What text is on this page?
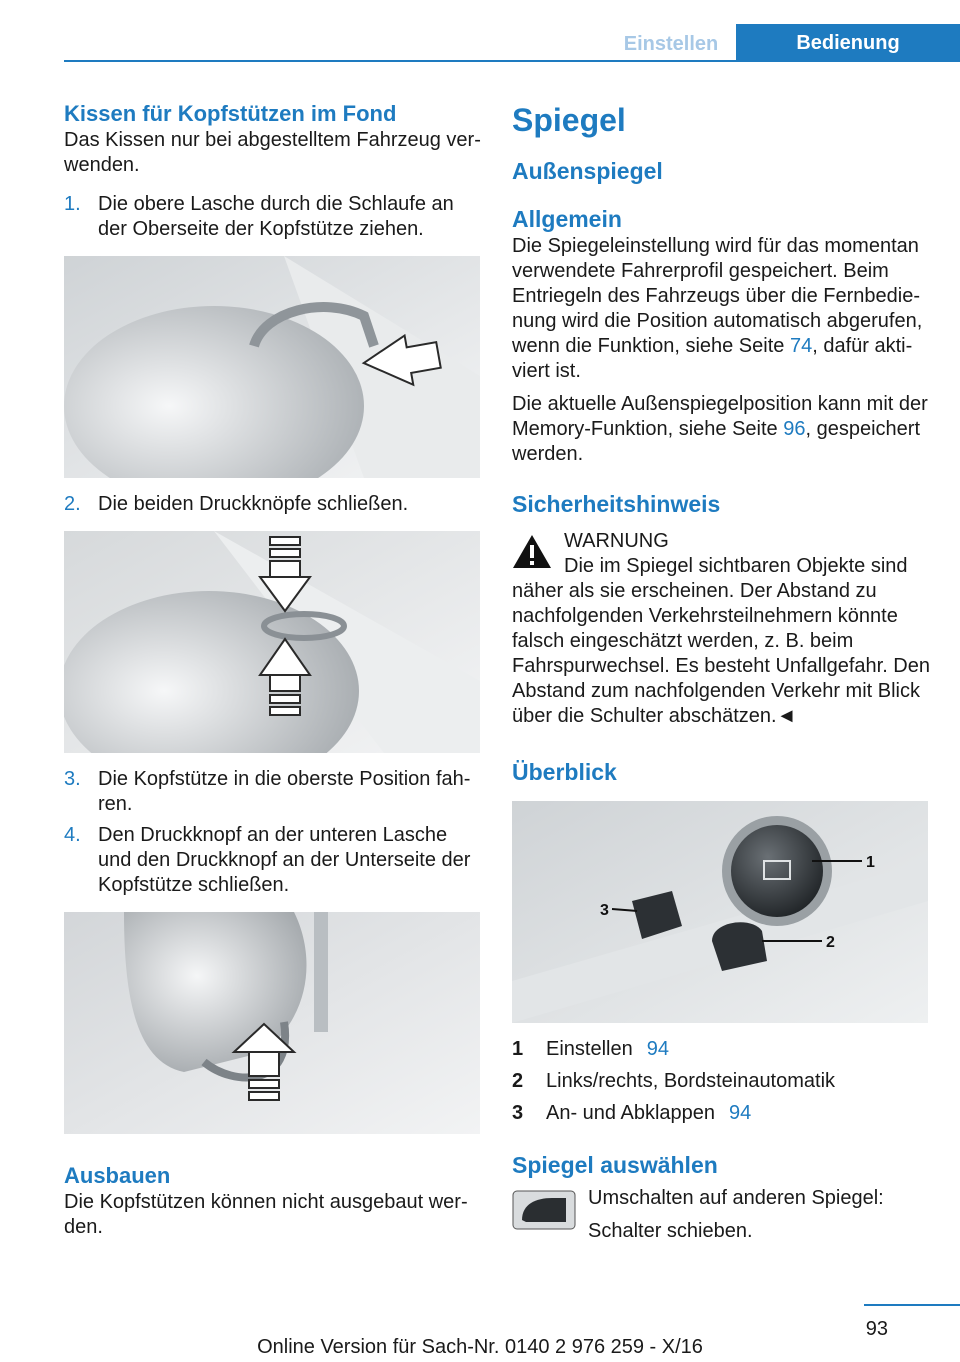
Einstellen	Bedienung
Kissen für Kopfstützen im Fond

Das Kissen nur bei abgestelltem Fahrzeug verwenden.

1. Die obere Lasche durch die Schlaufe an der Oberseite der Kopfstütze ziehen.
2. Die beiden Druckknöpfe schließen.
3. Die Kopfstütze in die oberste Position fahren.
4. Den Druckknopf an der unteren Lasche und den Druckknopf an der Unterseite der Kopfstütze schließen.
Ausbauen

Die Kopfstützen können nicht ausgebaut werden.

Spiegel
Außenspiegel
Allgemein

Die Spiegeleinstellung wird für das momentan verwendete Fahrerprofil gespeichert. Beim Entriegeln des Fahrzeugs über die Fernbedienung wird die Position automatisch abgerufen, wenn die Funktion, siehe Seite 74, dafür aktiviert ist.

Die aktuelle Außenspiegelposition kann mit der Memory-Funktion, siehe Seite 96, gespeichert werden.

Sicherheitshinweis
WARNUNG
Die im Spiegel sichtbaren Objekte sind

näher als sie erscheinen. Der Abstand zu nachfolgenden Verkehrsteilnehmern könnte falsch eingeschätzt werden, z. B. beim Fahrspurwechsel. Es besteht Unfallgefahr. Den Abstand zum nachfolgenden Verkehr mit Blick über die Schulter abschätzen.◄

Überblick
1
2
3
1	Einstellen 94
2	Links/rechts, Bordsteinautomatik
3	An- und Abklappen 94
Spiegel auswählen
Umschalten auf anderen Spiegel:
Schalter schieben.
93
Online Version für Sach-Nr. 0140 2 976 259 - X/16
